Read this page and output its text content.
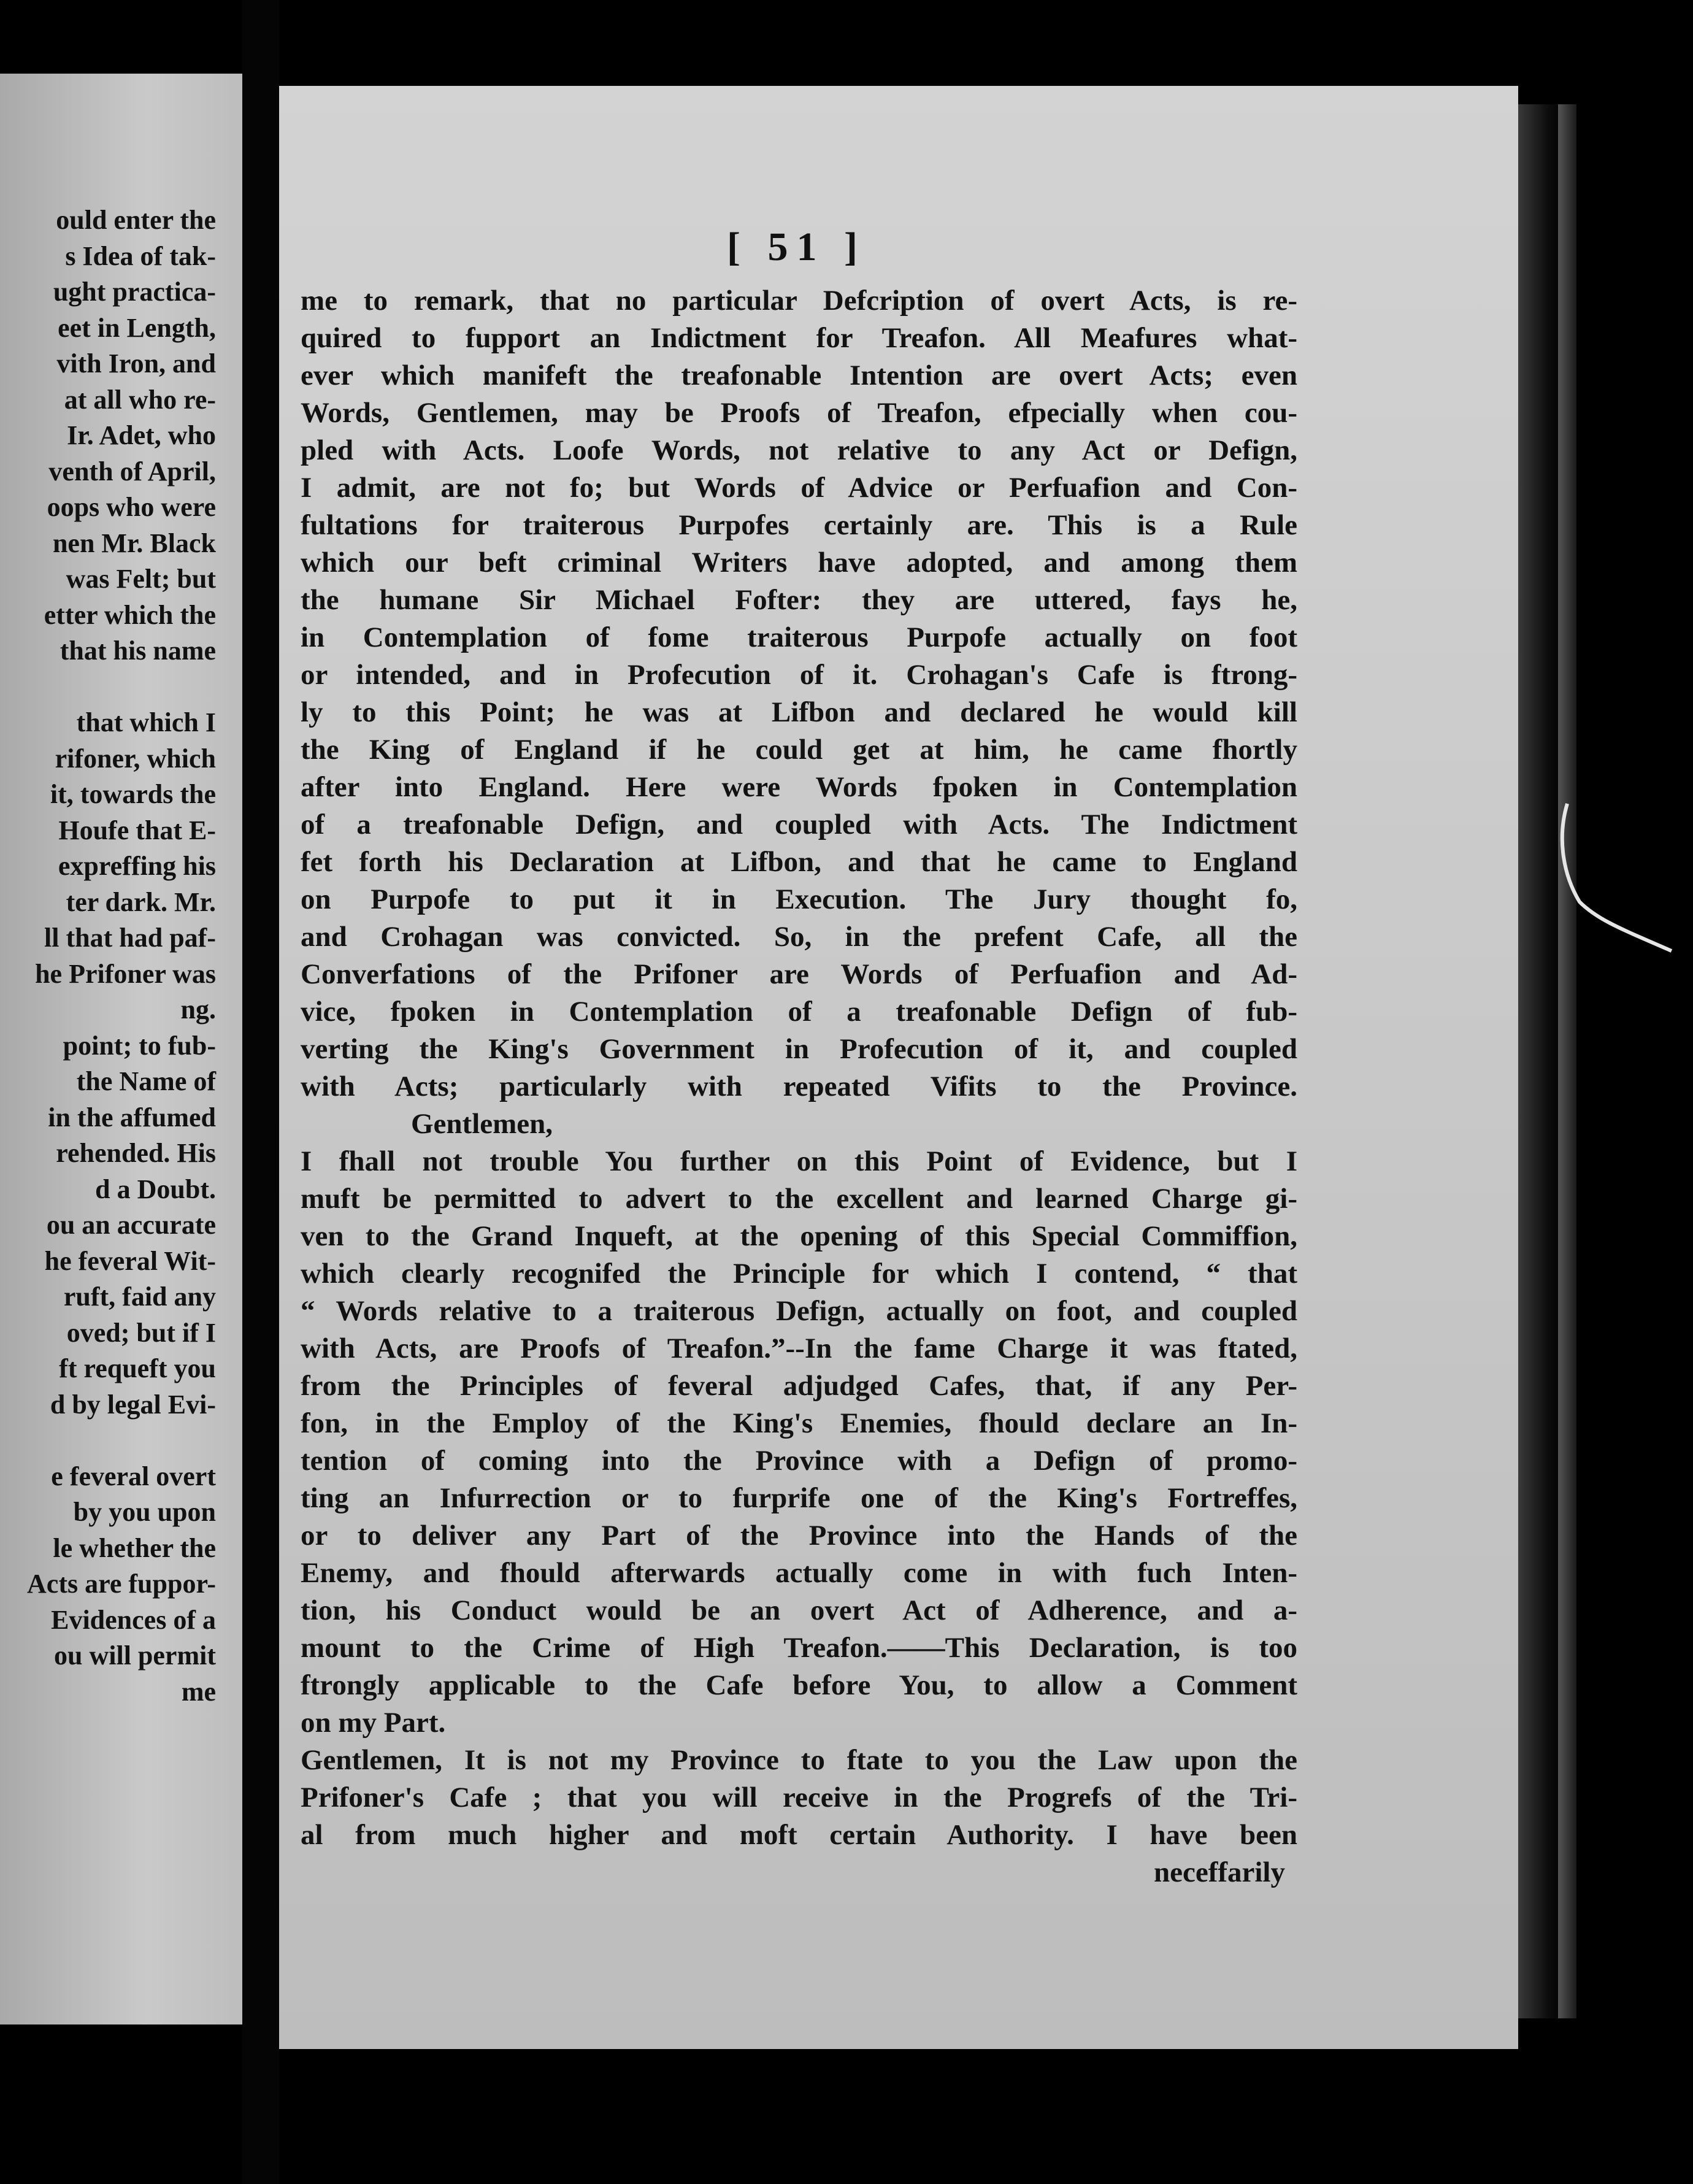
ould enter the
s Idea of tak-
ught practica-
eet in Length,
vith Iron, and
at all who re-
Ir. Adet, who
venth of April,
oops who were
nen Mr. Black
was Felt; but
etter which the
that his name
that which I
rifoner, which
it, towards the
Houfe that E-
expreffing his
ter dark. Mr.
ll that had paf-
he Prifoner was
ng.
point; to fub-
the Name of
in the affumed
rehended. His
d a Doubt.
ou an accurate
he feveral Wit-
ruft, faid any
oved; but if I
ft requeft you
d by legal Evi-
e feveral overt
by you upon
le whether the
Acts are fuppor-
Evidences of a
ou will permit
me
[ 51 ]
me to remark, that no particular Defcription of overt Acts, is re-
quired to fupport an Indictment for Treafon. All Meafures what-
ever which manifeft the treafonable Intention are overt Acts; even
Words, Gentlemen, may be Proofs of Treafon, efpecially when cou-
pled with Acts. Loofe Words, not relative to any Act or Defign,
I admit, are not fo; but Words of Advice or Perfuafion and Con-
fultations for traiterous Purpofes certainly are. This is a Rule
which our beft criminal Writers have adopted, and among them
the humane Sir Michael Fofter: they are uttered, fays he,
in Contemplation of fome traiterous Purpofe actually on foot
or intended, and in Profecution of it. Crohagan's Cafe is ftrong-
ly to this Point; he was at Lifbon and declared he would kill
the King of England if he could get at him, he came fhortly
after into England. Here were Words fpoken in Contemplation
of a treafonable Defign, and coupled with Acts. The Indictment
fet forth his Declaration at Lifbon, and that he came to England
on Purpofe to put it in Execution. The Jury thought fo,
and Crohagan was convicted. So, in the prefent Cafe, all the
Converfations of the Prifoner are Words of Perfuafion and Ad-
vice, fpoken in Contemplation of a treafonable Defign of fub-
verting the King's Government in Profecution of it, and coupled
with Acts; particularly with repeated Vifits to the Province.
Gentlemen,
I fhall not trouble You further on this Point of Evidence, but I
muft be permitted to advert to the excellent and learned Charge gi-
ven to the Grand Inqueft, at the opening of this Special Commiffion,
which clearly recognifed the Principle for which I contend, “ that
“ Words relative to a traiterous Defign, actually on foot, and coupled
with Acts, are Proofs of Treafon.”--In the fame Charge it was ftated,
from the Principles of feveral adjudged Cafes, that, if any Per-
fon, in the Employ of the King's Enemies, fhould declare an In-
tention of coming into the Province with a Defign of promo-
ting an Infurrection or to furprife one of the King's Fortreffes,
or to deliver any Part of the Province into the Hands of the
Enemy, and fhould afterwards actually come in with fuch Inten-
tion, his Conduct would be an overt Act of Adherence, and a-
mount to the Crime of High Treafon.——This Declaration, is too
ftrongly applicable to the Cafe before You, to allow a Comment
on my Part.
Gentlemen, It is not my Province to ftate to you the Law upon the
Prifoner's Cafe ; that you will receive in the Progrefs of the Tri-
al from much higher and moft certain Authority. I have been
neceffarily
